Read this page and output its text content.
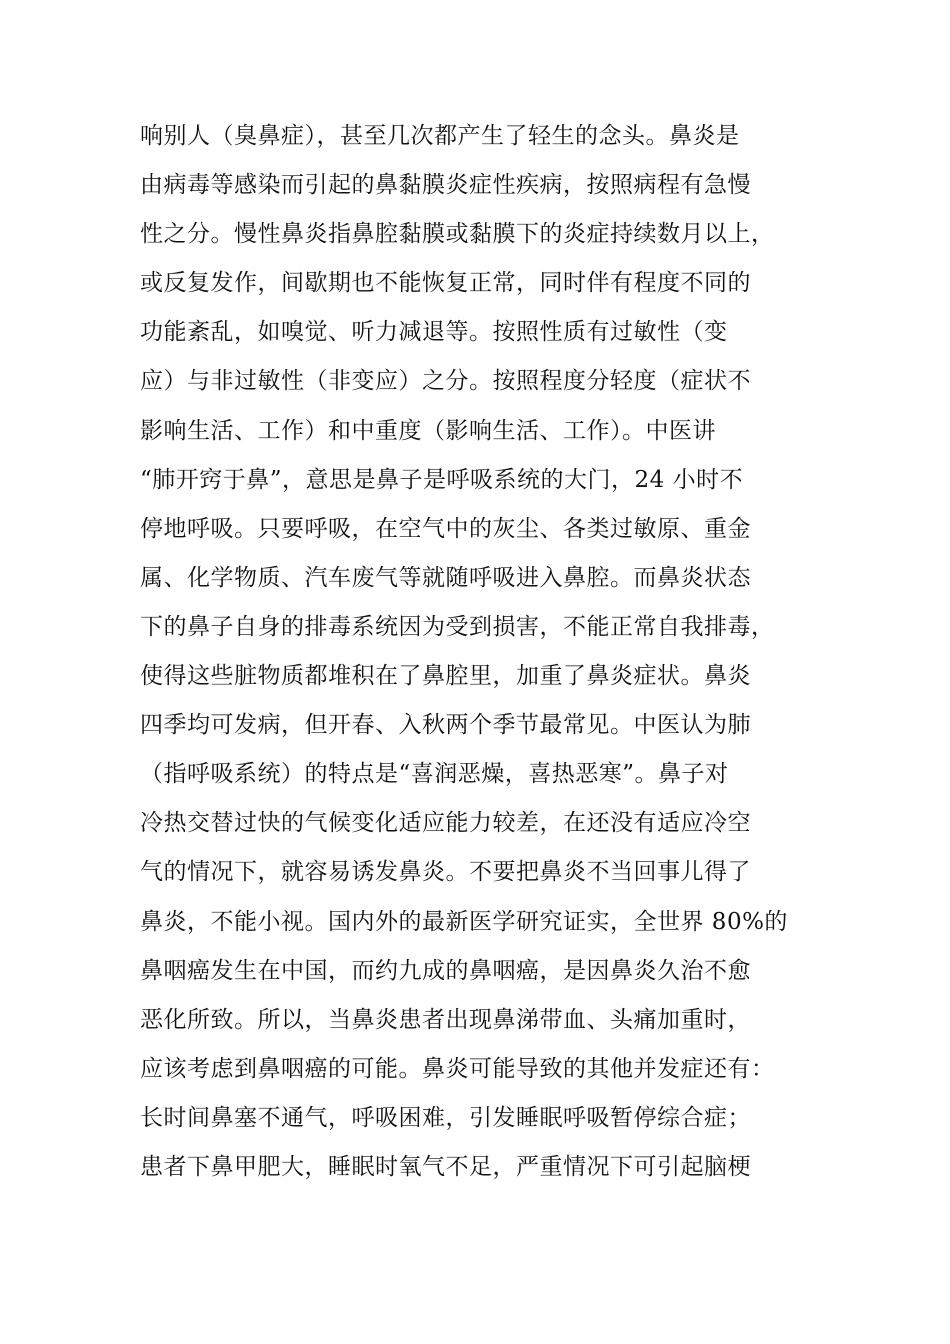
响别人（臭鼻症），甚至几次都产生了轻生的念头。鼻炎是
由病毒等感染而引起的鼻黏膜炎症性疾病，按照病程有急慢
性之分。慢性鼻炎指鼻腔黏膜或黏膜下的炎症持续数月以上，
或反复发作，间歇期也不能恢复正常，同时伴有程度不同的
功能紊乱，如嗅觉、听力减退等。按照性质有过敏性（变
应）与非过敏性（非变应）之分。按照程度分轻度（症状不
影响生活、工作）和中重度（影响生活、工作）。中医讲
“肺开窍于鼻”，意思是鼻子是呼吸系统的大门，24 小时不
停地呼吸。只要呼吸，在空气中的灰尘、各类过敏原、重金
属、化学物质、汽车废气等就随呼吸进入鼻腔。而鼻炎状态
下的鼻子自身的排毒系统因为受到损害，不能正常自我排毒，
使得这些脏物质都堆积在了鼻腔里，加重了鼻炎症状。鼻炎
四季均可发病，但开春、入秋两个季节最常见。中医认为肺
（指呼吸系统）的特点是“喜润恶燥，喜热恶寒”。鼻子对
冷热交替过快的气候变化适应能力较差，在还没有适应冷空
气的情况下，就容易诱发鼻炎。不要把鼻炎不当回事儿得了
鼻炎，不能小视。国内外的最新医学研究证实，全世界 80%的
鼻咽癌发生在中国，而约九成的鼻咽癌，是因鼻炎久治不愈
恶化所致。所以，当鼻炎患者出现鼻涕带血、头痛加重时，
应该考虑到鼻咽癌的可能。鼻炎可能导致的其他并发症还有：
长时间鼻塞不通气，呼吸困难，引发睡眠呼吸暂停综合症；
患者下鼻甲肥大，睡眠时氧气不足，严重情况下可引起脑梗
